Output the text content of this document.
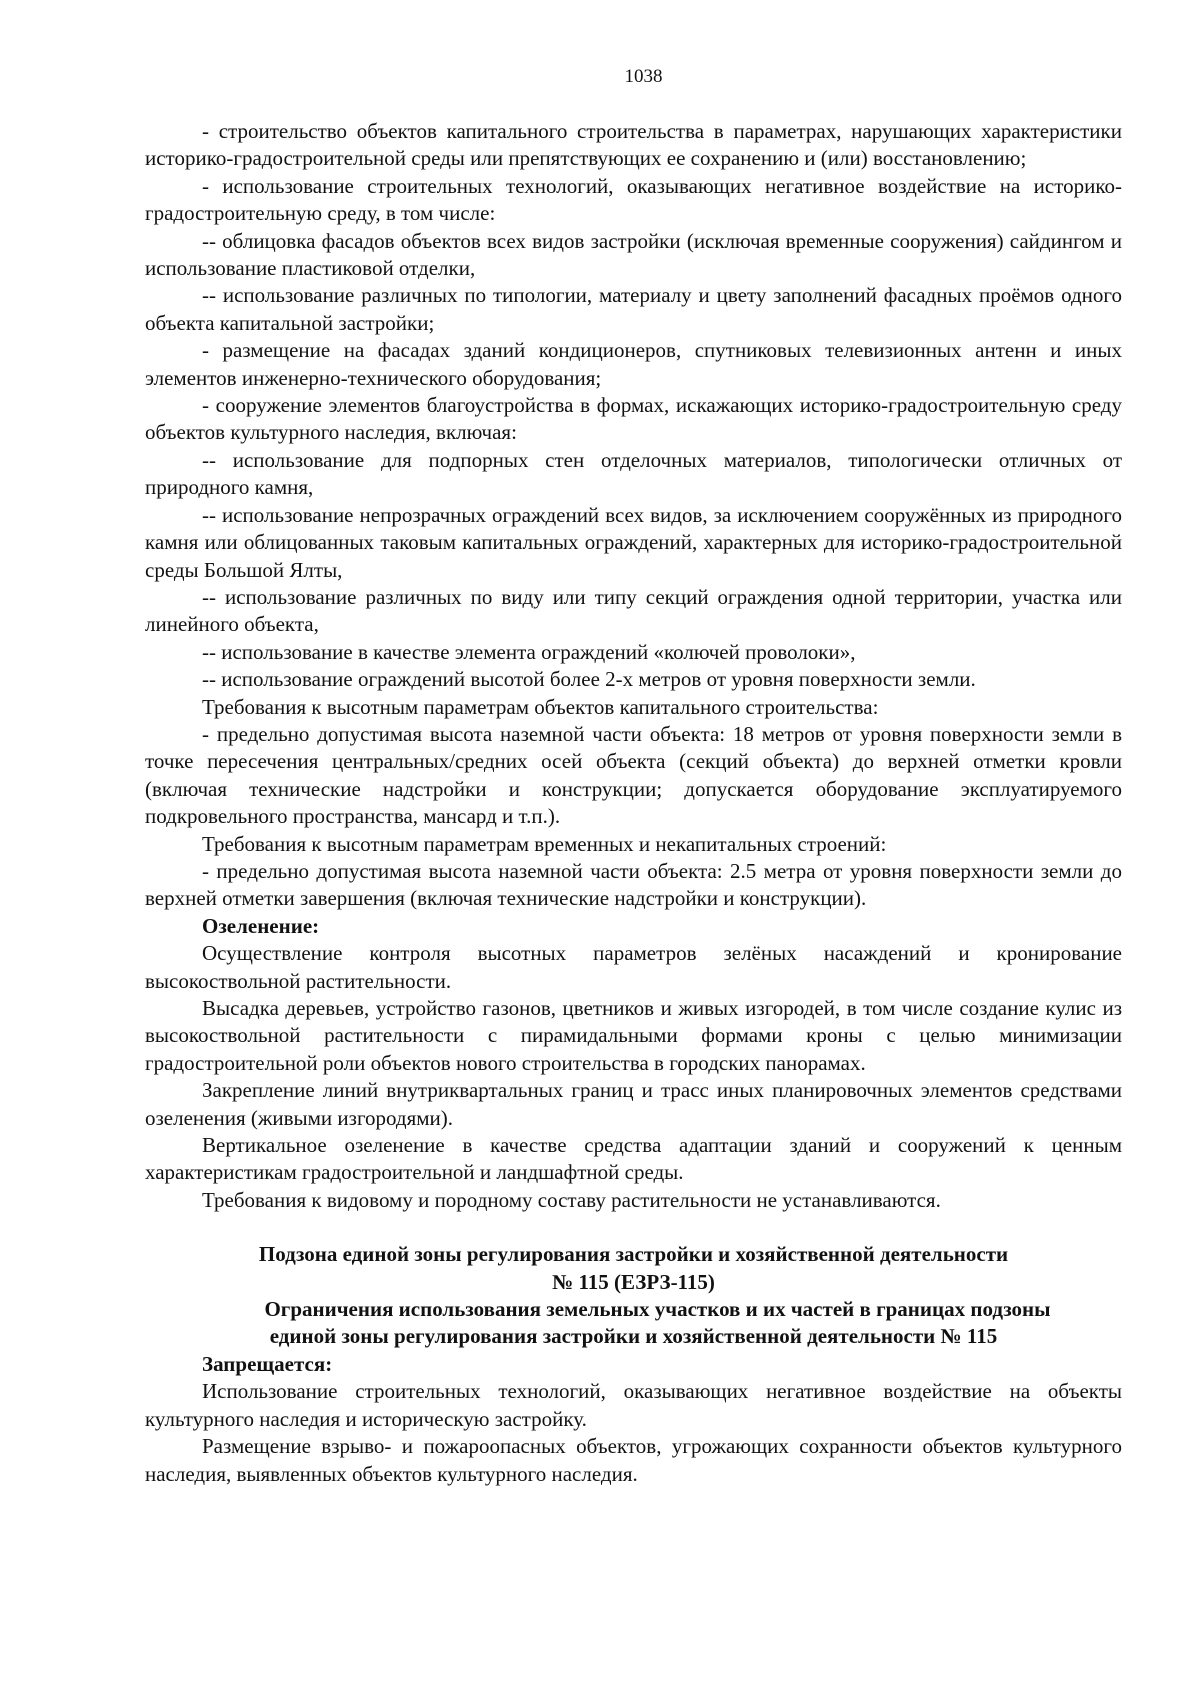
1038

- строительство объектов капитального строительства в параметрах, нарушающих характеристики историко-градостроительной среды или препятствующих ее сохранению и (или) восстановлению;

- использование строительных технологий, оказывающих негативное воздействие на историко-градостроительную среду, в том числе:

-- облицовка фасадов объектов всех видов застройки (исключая временные сооружения) сайдингом и использование пластиковой отделки,

-- использование различных по типологии, материалу и цвету заполнений фасадных проёмов одного объекта капитальной застройки;

- размещение на фасадах зданий кондиционеров, спутниковых телевизионных антенн и иных элементов инженерно-технического оборудования;

- сооружение элементов благоустройства в формах, искажающих историко-градостроительную среду объектов культурного наследия, включая:

-- использование для подпорных стен отделочных материалов, типологически отличных от природного камня,

-- использование непрозрачных ограждений всех видов, за исключением сооружённых из природного камня или облицованных таковым капитальных ограждений, характерных для историко-градостроительной среды Большой Ялты,

-- использование различных по виду или типу секций ограждения одной территории, участка или линейного объекта,

-- использование в качестве элемента ограждений «колючей проволоки»,

-- использование ограждений высотой более 2-х метров от уровня поверхности земли.

Требования к высотным параметрам объектов капитального строительства:

- предельно допустимая высота наземной части объекта: 18 метров от уровня поверхности земли в точке пересечения центральных/средних осей объекта (секций объекта) до верхней отметки кровли (включая технические надстройки и конструкции; допускается оборудование эксплуатируемого подкровельного пространства, мансард и т.п.).

Требования к высотным параметрам временных и некапитальных строений:

- предельно допустимая высота наземной части объекта: 2.5 метра от уровня поверхности земли до верхней отметки завершения (включая технические надстройки и конструкции).

Озеленение:

Осуществление контроля высотных параметров зелёных насаждений и кронирование высокоствольной растительности.

Высадка деревьев, устройство газонов, цветников и живых изгородей, в том числе создание кулис из высокоствольной растительности с пирамидальными формами кроны с целью минимизации градостроительной роли объектов нового строительства в городских панорамах.

Закрепление линий внутриквартальных границ и трасс иных планировочных элементов средствами озеленения (живыми изгородями).

Вертикальное озеленение в качестве средства адаптации зданий и сооружений к ценным характеристикам градостроительной и ландшафтной среды.

Требования к видовому и породному составу растительности не устанавливаются.

Подзона единой зоны регулирования застройки и хозяйственной деятельности

№ 115 (ЕЗРЗ-115)

Ограничения использования земельных участков и их частей в границах подзоны

единой зоны регулирования застройки и хозяйственной деятельности № 115

Запрещается:

Использование строительных технологий, оказывающих негативное воздействие на объекты культурного наследия и историческую застройку.

Размещение взрыво- и пожароопасных объектов, угрожающих сохранности объектов культурного наследия, выявленных объектов культурного наследия.
